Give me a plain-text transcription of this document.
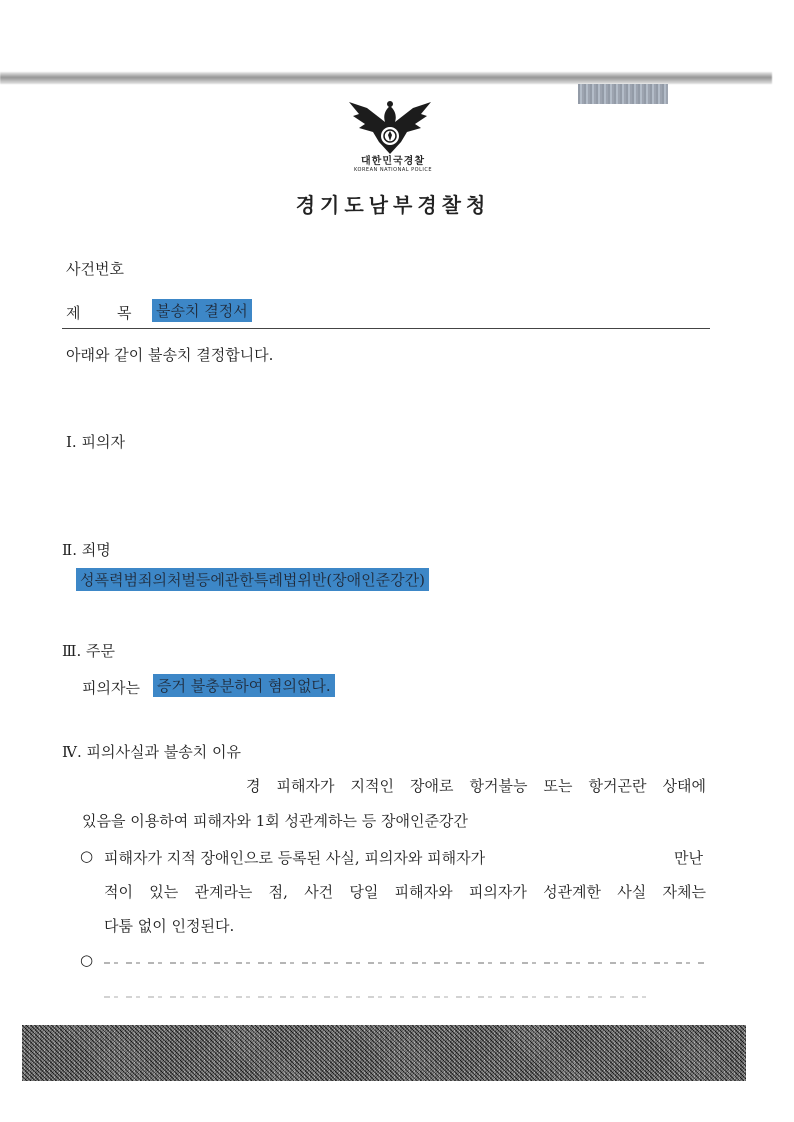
대한민국경찰
KOREAN NATIONAL POLICE
경기도남부경찰청
사건번호
제 목 불송치 결정서
아래와 같이 불송치 결정합니다.
Ⅰ. 피의자
Ⅱ. 죄명
성폭력범죄의처벌등에관한특례법위반(장애인준강간)
Ⅲ. 주문
피의자는 증거 불충분하여 혐의없다.
Ⅳ. 피의사실과 불송치 이유
경 피해자가 지적인 장애로 항거불능 또는 항거곤란 상태에
있음을 이용하여 피해자와 1회 성관계하는 등 장애인준강간
○ 피해자가 지적 장애인으로 등록된 사실, 피의자와 피해자가	만난
적이 있는 관계라는 점, 사건 당일 피해자와 피의자가 성관계한 사실 자체는
다툼 없이 인정된다.
○
